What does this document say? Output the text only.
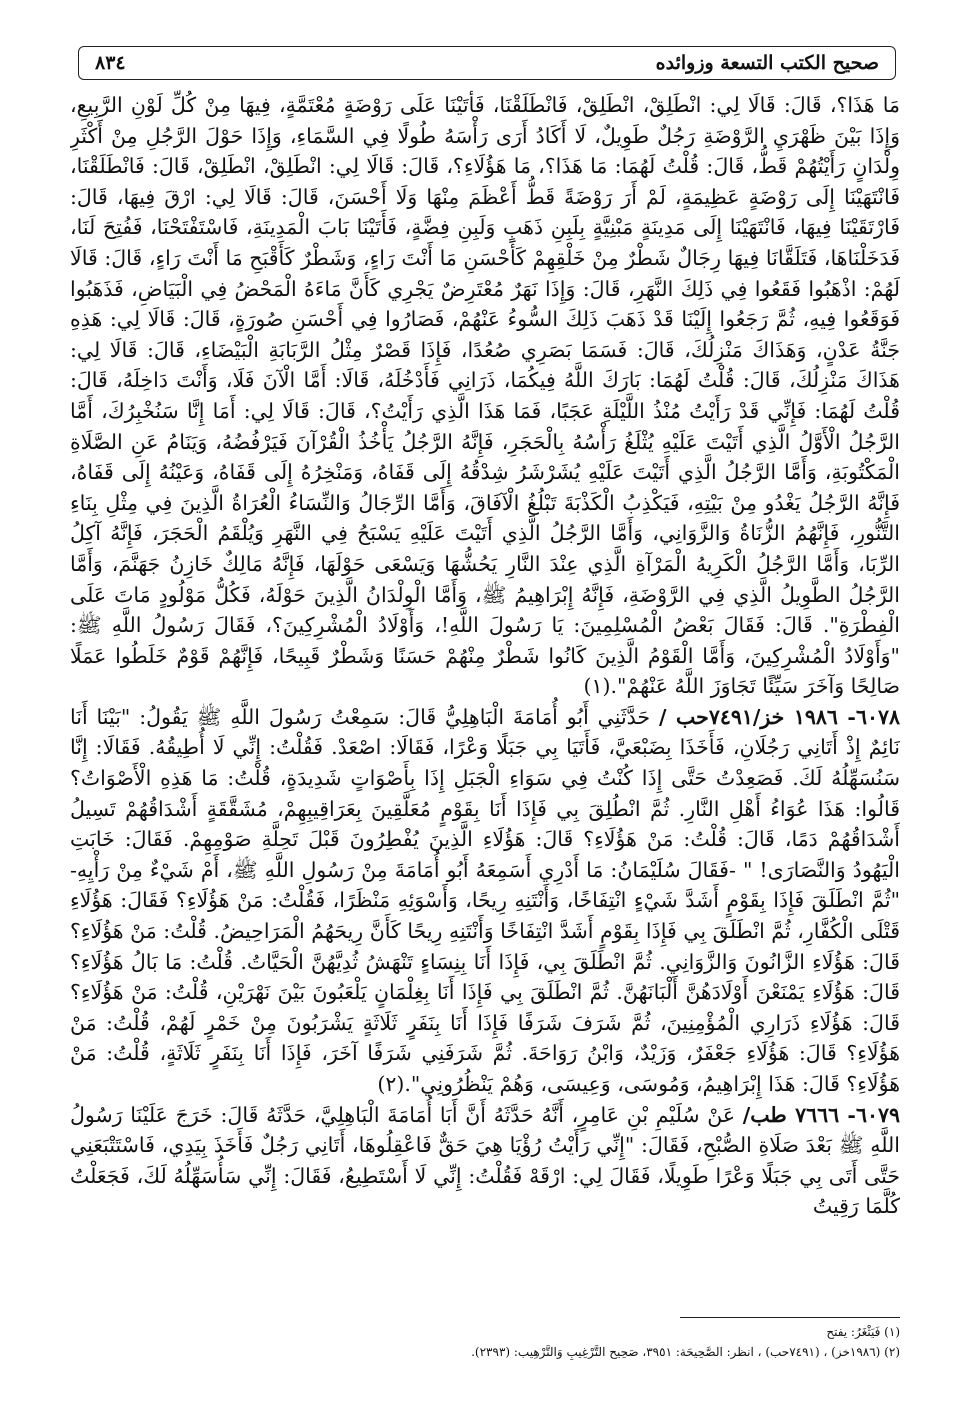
٨٣٤	صحيح الكتب التسعة وزوائده

مَا هَذَا؟، قَالَ: قَالَا لِي: انْطَلِقْ، انْطَلِقْ، فَانْطَلَقْنَا، فَأَتَيْنَا عَلَى رَوْضَةٍ مُعْتَمَّةٍ، فِيهَا مِنْ كُلِّ لَوْنِ الرَّبِيعِ، وَإِذَا بَيْنَ ظَهْرَيِ الرَّوْضَةِ رَجُلٌ طَوِيلٌ، لَا أَكَادُ أَرَى رَأْسَهُ طُولًا فِي السَّمَاءِ، وَإِذَا حَوْلَ الرَّجُلِ مِنْ أَكْثَرِ وِلْدَانٍ رَأَيْتُهُمْ قَطُّ، قَالَ: قُلْتُ لَهُمَا: مَا هَذَا؟، مَا هَؤُلَاءِ؟، قَالَ: قَالَا لِي: انْطَلِقْ، انْطَلِقْ، قَالَ: فَانْطَلَقْنَا، فَانْتَهَيْنَا إِلَى رَوْضَةٍ عَظِيمَةٍ، لَمْ أَرَ رَوْضَةً قَطُّ أَعْظَمَ مِنْهَا وَلَا أَحْسَنَ، قَالَ: قَالَا لِي: ارْقَ فِيهَا، قَالَ: فَارْتَقَيْنَا فِيهَا، فَانْتَهَيْنَا إِلَى مَدِينَةٍ مَبْنِيَّةٍ بِلَبِنِ ذَهَبٍ وَلَبِنِ فِضَّةٍ، فَأَتَيْنَا بَابَ الْمَدِينَةِ، فَاسْتَفْتَحْنَا، فَفُتِحَ لَنَا، فَدَخَلْنَاهَا، فَتَلَقَّانَا فِيهَا رِجَالٌ شَطْرٌ مِنْ خَلْقِهِمْ كَأَحْسَنِ مَا أَنْتَ رَاءٍ، وَشَطْرٌ كَأَقْبَحِ مَا أَنْتَ رَاءٍ، قَالَ: قَالَا لَهُمْ: اذْهَبُوا فَقَعُوا فِي ذَلِكَ النَّهَرِ، قَالَ: وَإِذَا نَهَرٌ مُعْتَرِضٌ يَجْرِي كَأَنَّ مَاءَهُ الْمَحْضُ فِي الْبَيَاضِ، فَذَهَبُوا فَوَقَعُوا فِيهِ، ثُمَّ رَجَعُوا إِلَيْنَا قَدْ ذَهَبَ ذَلِكَ السُّوءُ عَنْهُمْ، فَصَارُوا فِي أَحْسَنِ صُورَةٍ، قَالَ: قَالَا لِي: هَذِهِ جَنَّةُ عَدْنٍ، وَهَذَاكَ مَنْزِلُكَ، قَالَ: فَسَمَا بَصَرِي صُعُدًا، فَإِذَا قَصْرٌ مِثْلُ الرَّبَابَةِ الْبَيْضَاءِ، قَالَ: قَالَا لِي: هَذَاكَ مَنْزِلُكَ، قَالَ: قُلْتُ لَهُمَا: بَارَكَ اللَّهُ فِيكُمَا، ذَرَانِي فَأَدْخُلَهُ، قَالَا: أَمَّا الْآنَ فَلَا، وَأَنْتَ دَاخِلَهُ، قَالَ: قُلْتُ لَهُمَا: فَإِنِّي قَدْ رَأَيْتُ مُنْذُ اللَّيْلَةِ عَجَبًا، فَمَا هَذَا الَّذِي رَأَيْتُ؟، قَالَ: قَالَا لِي: أَمَا إِنَّا سَنُخْبِرُكَ، أَمَّا الرَّجُلُ الْأَوَّلُ الَّذِي أَتَيْتَ عَلَيْهِ يُثْلَغُ رَأْسُهُ بِالْحَجَرِ، فَإِنَّهُ الرَّجُلُ يَأْخُذُ الْقُرْآنَ فَيَرْفُضُهُ، وَيَنَامُ عَنِ الصَّلَاةِ الْمَكْتُوبَةِ، وَأَمَّا الرَّجُلُ الَّذِي أَتَيْتَ عَلَيْهِ يُشَرْشَرُ شِدْقُهُ إِلَى قَفَاهُ، وَمَنْخِرُهُ إِلَى قَفَاهُ، وَعَيْنُهُ إِلَى قَفَاهُ، فَإِنَّهُ الرَّجُلُ يَغْدُو مِنْ بَيْتِهِ، فَيَكْذِبُ الْكَذْبَةَ تَبْلُغُ الْآفَاقَ، وَأَمَّا الرِّجَالُ وَالنِّسَاءُ الْعُرَاةُ الَّذِينَ فِي مِثْلِ بِنَاءِ التَّنُّورِ، فَإِنَّهُمُ الزُّنَاةُ وَالزَّوَانِي، وَأَمَّا الرَّجُلُ الَّذِي أَتَيْتَ عَلَيْهِ يَسْبَحُ فِي النَّهَرِ وَيُلْقَمُ الْحَجَرَ، فَإِنَّهُ آكِلُ الرِّبَا، وَأَمَّا الرَّجُلُ الْكَرِيهُ الْمَرْآةِ الَّذِي عِنْدَ النَّارِ يَحُشُّهَا وَيَسْعَى حَوْلَهَا، فَإِنَّهُ مَالِكٌ خَازِنُ جَهَنَّمَ، وَأَمَّا الرَّجُلُ الطَّوِيلُ الَّذِي فِي الرَّوْضَةِ، فَإِنَّهُ إِبْرَاهِيمُ ﷺ، وَأَمَّا الْوِلْدَانُ الَّذِينَ حَوْلَهُ، فَكُلُّ مَوْلُودٍ مَاتَ عَلَى الْفِطْرَةِ". قَالَ: فَقَالَ بَعْضُ الْمُسْلِمِينَ: يَا رَسُولَ اللَّهِ!، وَأَوْلَادُ الْمُشْرِكِينَ؟، فَقَالَ رَسُولُ اللَّهِ ﷺ: "وَأَوْلَادُ الْمُشْرِكِينَ، وَأَمَّا الْقَوْمُ الَّذِينَ كَانُوا شَطْرٌ مِنْهُمْ حَسَنًا وَشَطْرٌ قَبِيحًا، فَإِنَّهُمْ قَوْمٌ خَلَطُوا عَمَلًا صَالِحًا وَآخَرَ سَيِّئًا تَجَاوَزَ اللَّهُ عَنْهُمْ".(١)

٦٠٧٨- ١٩٨٦ خز/٧٤٩١حب / حَدَّثَنِي أَبُو أُمَامَةَ الْبَاهِلِيُّ قَالَ: سَمِعْتُ رَسُولَ اللَّهِ ﷺ يَقُولُ: "بَيْنَا أَنَا نَائِمٌ إِذْ أَتَانِي رَجُلَانِ، فَأَخَذَا بِضَبْعَيَّ، فَأَتَيَا بِي جَبَلًا وَعْرًا، فَقَالَا: اصْعَدْ. فَقُلْتُ: إِنِّي لَا أُطِيقُهُ. فَقَالَا: إِنَّا سَنُسَهِّلُهُ لَكَ. فَصَعِدْتُ حَتَّى إِذَا كُنْتُ فِي سَوَاءِ الْجَبَلِ إِذَا بِأَصْوَاتٍ شَدِيدَةٍ، قُلْتُ: مَا هَذِهِ الْأَصْوَاتُ؟ قَالُوا: هَذَا عُوَاءُ أَهْلِ النَّارِ. ثُمَّ انْطُلِقَ بِي فَإِذَا أَنَا بِقَوْمٍ مُعَلَّقِينَ بِعَرَاقِيبِهِمْ، مُشَقَّقَةٍ أَشْدَاقُهُمْ تَسِيلُ أَشْدَاقُهُمْ دَمًا، قَالَ: قُلْتُ: مَنْ هَؤُلَاءِ؟ قَالَ: هَؤُلَاءِ الَّذِينَ يُفْطِرُونَ قَبْلَ تَحِلَّةِ صَوْمِهِمْ. فَقَالَ: خَابَتِ الْيَهُودُ وَالنَّصَارَى! " -فَقَالَ سُلَيْمَانُ: مَا أَدْرِي أَسَمِعَهُ أَبُو أُمَامَةَ مِنْ رَسُولِ اللَّهِ ﷺ، أَمْ شَيْءٌ مِنْ رَأْيِهِ- "ثُمَّ انْطَلَقَ فَإِذَا بِقَوْمٍ أَشَدَّ شَيْءٍ انْتِفَاخًا، وَأَنْتَنِهِ رِيحًا، وَأَسْوَئِهِ مَنْظَرًا، فَقُلْتُ: مَنْ هَؤُلَاءِ؟ فَقَالَ: هَؤُلَاءِ قَتْلَى الْكُفَّارِ، ثُمَّ انْطَلَقَ بِي فَإِذَا بِقَوْمٍ أَشَدَّ انْتِفَاخًا وَأَنْتَنِهِ رِيحًا كَأَنَّ رِيحَهُمُ الْمَرَاحِيضُ. قُلْتُ: مَنْ هَؤُلَاءِ؟ قَالَ: هَؤُلَاءِ الزَّانُونَ وَالزَّوَانِي. ثُمَّ انْطَلَقَ بِي، فَإِذَا أَنَا بِنِسَاءٍ تَنْهَشُ ثُدِيَّهُنَّ الْحَيَّاتُ. قُلْتُ: مَا بَالُ هَؤُلَاءِ؟ قَالَ: هَؤُلَاءِ يَمْنَعْنَ أَوْلَادَهُنَّ أَلْبَانَهُنَّ. ثُمَّ انْطَلَقَ بِي فَإِذَا أَنَا بِغِلْمَانٍ يَلْعَبُونَ بَيْنَ نَهْرَيْنِ، قُلْتُ: مَنْ هَؤُلَاءِ؟ قَالَ: هَؤُلَاءِ ذَرَارِي الْمُؤْمِنِينَ، ثُمَّ شَرَفَ شَرَفًا فَإِذَا أَنَا بِنَفَرٍ ثَلَاثَةٍ يَشْرَبُونَ مِنْ خَمْرٍ لَهُمْ، قُلْتُ: مَنْ هَؤُلَاءِ؟ قَالَ: هَؤُلَاءِ جَعْفَرٌ، وَزَيْدٌ، وَابْنُ رَوَاحَةَ. ثُمَّ شَرَفَنِي شَرَفًا آخَرَ، فَإِذَا أَنَا بِنَفَرٍ ثَلَاثَةٍ، قُلْتُ: مَنْ هَؤُلَاءِ؟ قَالَ: هَذَا إِبْرَاهِيمُ، وَمُوسَى، وَعِيسَى، وَهُمْ يَنْظُرُونِي".(٢)

٦٠٧٩- ٧٦٦٦ طب/ عَنْ سُلَيْمِ بْنِ عَامِرٍ، أَنَّهُ حَدَّثَهُ أَنَّ أَبَا أُمَامَةَ الْبَاهِلِيَّ، حَدَّثَهُ قَالَ: خَرَجَ عَلَيْنَا رَسُولُ اللَّهِ ﷺ بَعْدَ صَلَاةِ الصُّبْحِ، فَقَالَ: "إِنِّي رَأَيْتُ رُؤْيَا هِيَ حَقٌّ فَاعْقِلُوهَا، أَتَانِي رَجُلٌ فَأَخَذَ بِيَدِي، فَاسْتَتْبَعَنِي حَتَّى أَتَى بِي جَبَلًا وَعْرًا طَوِيلًا، فَقَالَ لِي: ارْقَهْ فَقُلْتُ: إِنِّي لَا أَسْتَطِيعُ، فَقَالَ: إِنِّي سَأُسَهِّلُهُ لَكَ، فَجَعَلْتُ كُلَّمَا رَقِيتُ

(١) فَيَثْغَرُ: يفتح

(٢) (١٩٨٦خز) ، (٧٤٩١حب) ، انظر: الصَّحِيحَة: ٣٩٥١، صَحِيح التَّرْغِيبِ وَالتَّرْهِيب: (٢٣٩٣).
